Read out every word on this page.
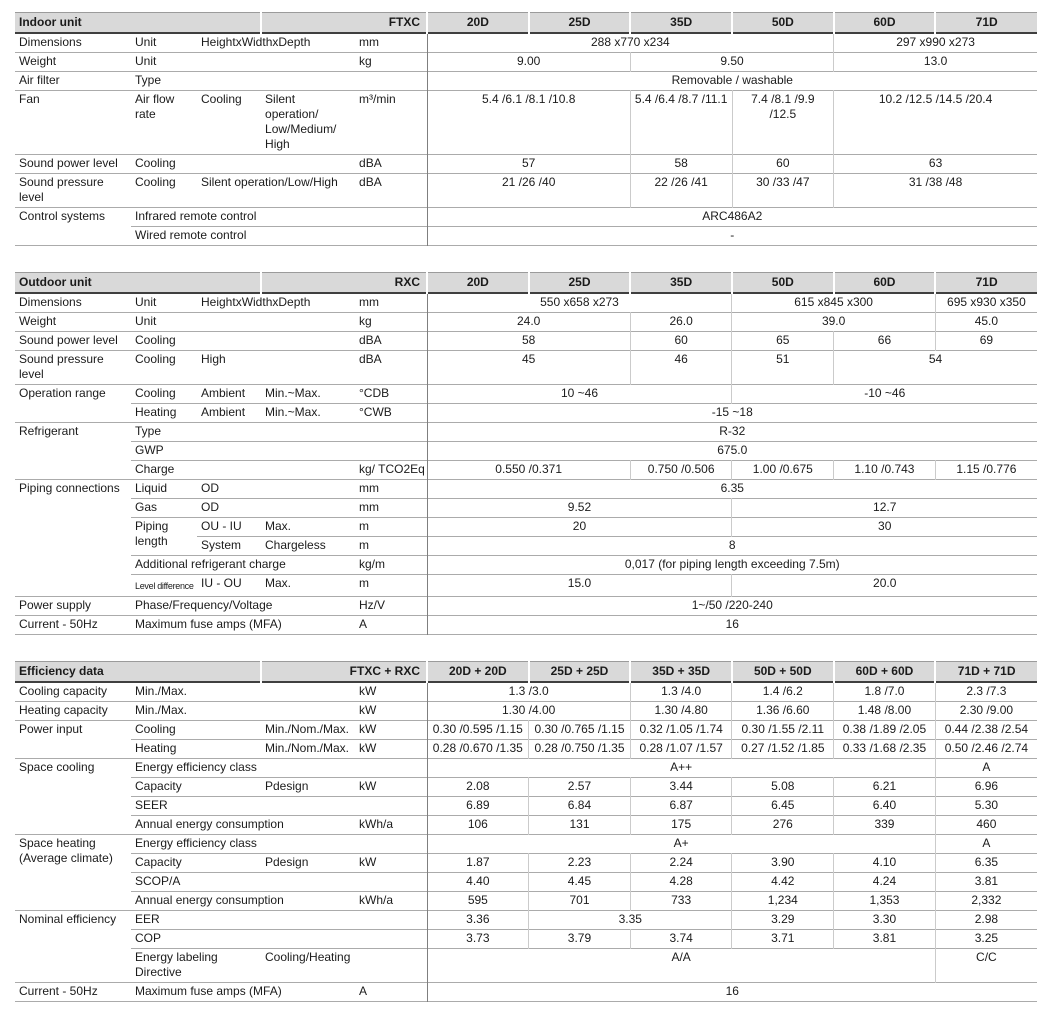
Indoor unit			FTXC		20D	25D	35D	50D	60D	71D
Dimensions	Unit	HeightxWidthxDepth		mm	288 x770 x234				297 x990 x273	
Weight	Unit			kg	9.00		9.50		13.0	
Air filter	Type				Removable / washable					
Fan	Air flow rate	Cooling	Silent operation/ Low/Medium/ High	m³/min	5.4 /6.1 /8.1 /10.8		5.4 /6.4 /8.7 /11.1	7.4 /8.1 /9.9 /12.5	10.2 /12.5 /14.5 /20.4	
Sound power level	Cooling			dBA	57		58	60	63	
Sound pressure level	Cooling	Silent operation/Low/High		dBA	21 /26 /40		22 /26 /41	30 /33 /47	31 /38 /48	
Control systems	Infrared remote control				ARC486A2					
	Wired remote control				-					
Outdoor unit			RXC		20D	25D	35D	50D	60D	71D
Dimensions	Unit	HeightxWidthxDepth		mm	550 x658 x273			615 x845 x300		695 x930 x350
Weight	Unit			kg	24.0		26.0	39.0		45.0
Sound power level	Cooling			dBA	58		60	65	66	69
Sound pressure level	Cooling	High		dBA	45		46	51	54	
Operation range	Cooling	Ambient	Min.~Max.	°CDB	10 ~46			-10 ~46		
	Heating	Ambient	Min.~Max.	°CWB	-15 ~18					
Refrigerant	Type				R-32					
	GWP				675.0					
	Charge			kg/ TCO2Eq	0.550 /0.371		0.750 /0.506	1.00 /0.675	1.10 /0.743	1.15 /0.776
Piping connections	Liquid	OD		mm	6.35					
	Gas	OD		mm	9.52			12.7		
	Piping length	OU - IU	Max.	m	20			30		
		System	Chargeless	m	8					
	Additional refrigerant charge			kg/m	0,017 (for piping length exceeding 7.5m)					
	Level difference	IU - OU	Max.	m	15.0			20.0		
Power supply	Phase/Frequency/Voltage			Hz/V	1~/50 /220-240					
Current - 50Hz	Maximum fuse amps (MFA)			A	16					
Efficiency data		FTXC + RXC		20D + 20D	25D + 25D	35D + 35D	50D + 50D	60D + 60D	71D + 71D
Cooling capacity	Min./Max.		kW	1.3 /3.0		1.3 /4.0	1.4 /6.2	1.8 /7.0	2.3 /7.3
Heating capacity	Min./Max.		kW	1.30 /4.00		1.30 /4.80	1.36 /6.60	1.48 /8.00	2.30 /9.00
Power input	Cooling	Min./Nom./Max.	kW	0.30 /0.595 /1.15	0.30 /0.765 /1.15	0.32 /1.05 /1.74	0.30 /1.55 /2.11	0.38 /1.89 /2.05	0.44 /2.38 /2.54
	Heating	Min./Nom./Max.	kW	0.28 /0.670 /1.35	0.28 /0.750 /1.35	0.28 /1.07 /1.57	0.27 /1.52 /1.85	0.33 /1.68 /2.35	0.50 /2.46 /2.74
Space cooling	Energy efficiency class			A++					A
	Capacity	Pdesign	kW	2.08	2.57	3.44	5.08	6.21	6.96
	SEER			6.89	6.84	6.87	6.45	6.40	5.30
	Annual energy consumption		kWh/a	106	131	175	276	339	460
Space heating (Average climate)	Energy efficiency class			A+					A
	Capacity	Pdesign	kW	1.87	2.23	2.24	3.90	4.10	6.35
	SCOP/A			4.40	4.45	4.28	4.42	4.24	3.81
	Annual energy consumption		kWh/a	595	701	733	1,234	1,353	2,332
Nominal efficiency	EER			3.36	3.35		3.29	3.30	2.98
	COP			3.73	3.79	3.74	3.71	3.81	3.25
	Energy labeling Directive	Cooling/Heating		A/A					C/C
Current - 50Hz	Maximum fuse amps (MFA)		A	16					
